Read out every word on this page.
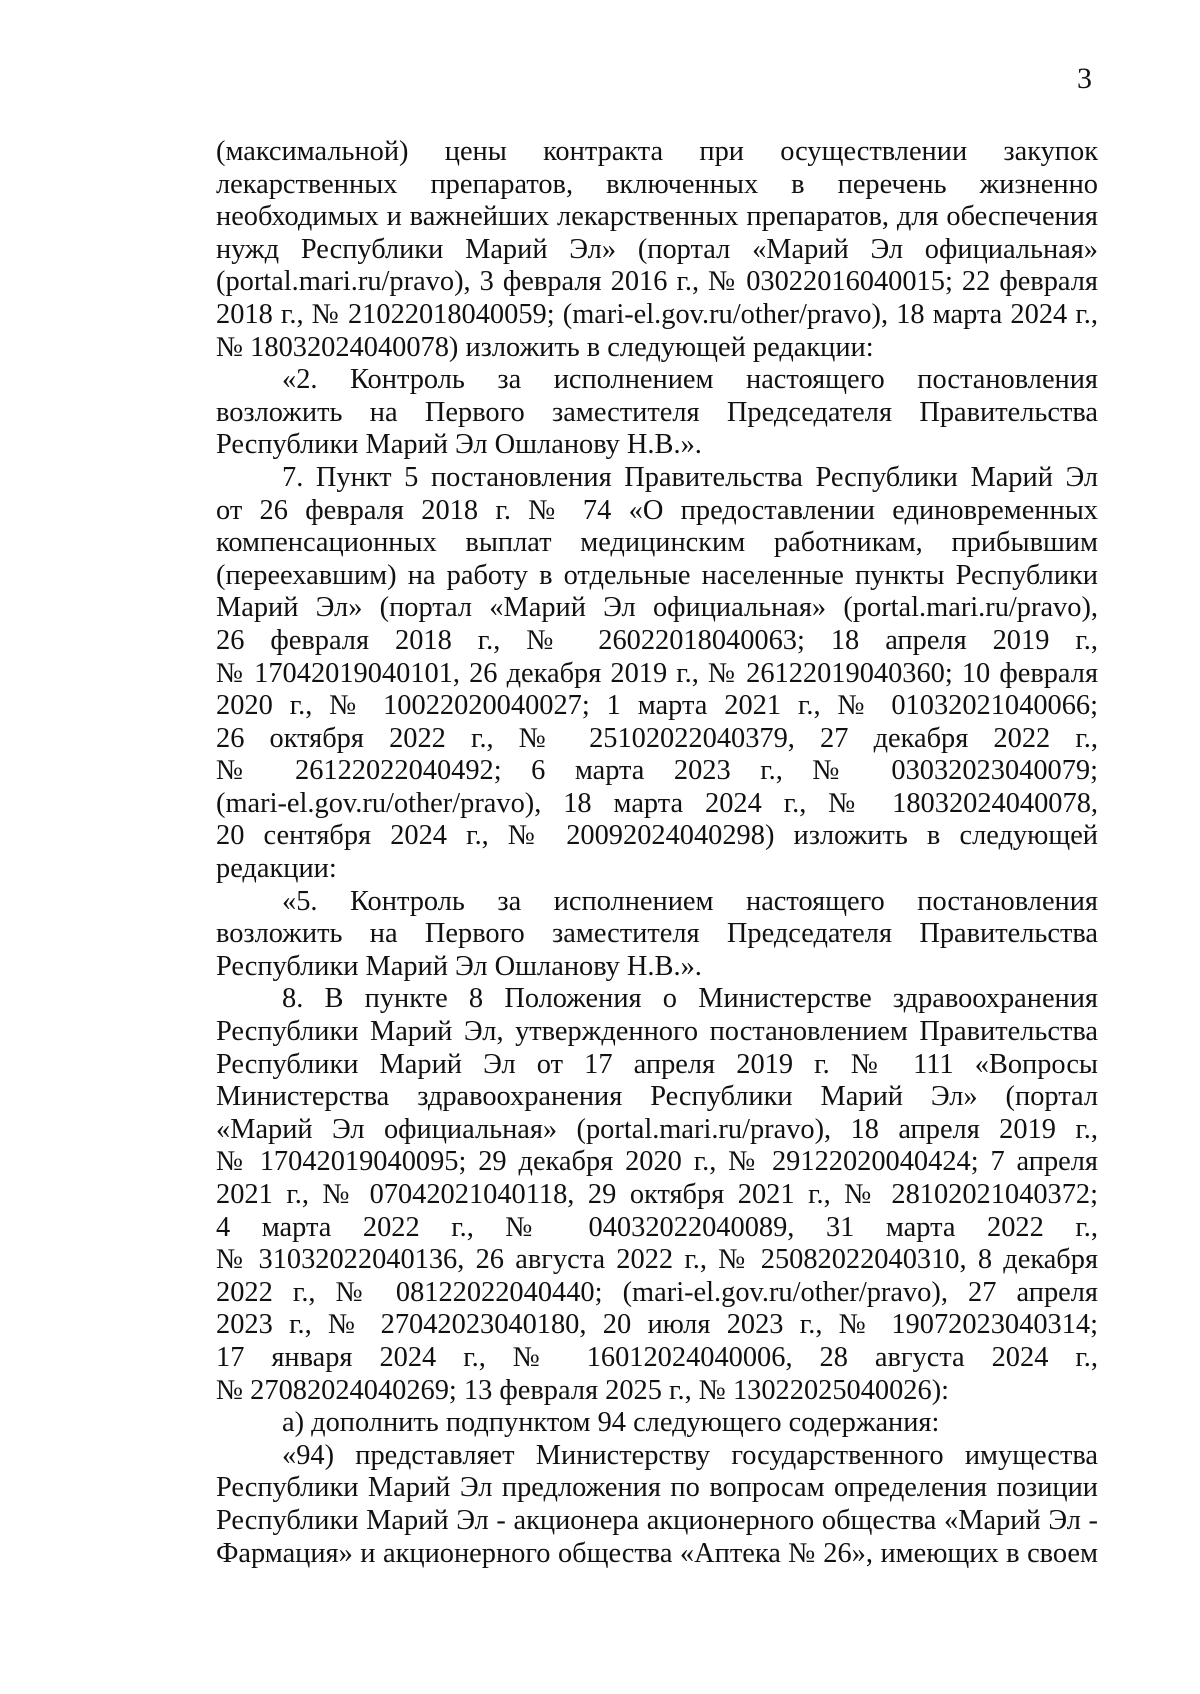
3
(максимальной) цены контракта при осуществлении закупок
лекарственных препаратов, включенных в перечень жизненно
необходимых и важнейших лекарственных препаратов, для обеспечения
нужд Республики Марий Эл» (портал «Марий Эл официальная»
(portal.mari.ru/pravo), 3 февраля 2016 г., № 03022016040015; 22 февраля
2018 г., № 21022018040059; (mari-el.gov.ru/other/pravo), 18 марта 2024 г.,
№ 18032024040078) изложить в следующей редакции:
«2. Контроль за исполнением настоящего постановления
возложить на Первого заместителя Председателя Правительства
Республики Марий Эл Ошланову Н.В.».
7. Пункт 5 постановления Правительства Республики Марий Эл
от 26 февраля 2018 г. № 74 «О предоставлении единовременных
компенсационных выплат медицинским работникам, прибывшим
(переехавшим) на работу в отдельные населенные пункты Республики
Марий Эл» (портал «Марий Эл официальная» (portal.mari.ru/pravo),
26 февраля 2018 г., № 26022018040063; 18 апреля 2019 г.,
№ 17042019040101, 26 декабря 2019 г., № 26122019040360; 10 февраля
2020 г., № 10022020040027; 1 марта 2021 г., № 01032021040066;
26 октября 2022 г., № 25102022040379, 27 декабря 2022 г.,
№ 26122022040492; 6 марта 2023 г., № 03032023040079;
(mari-el.gov.ru/other/pravo), 18 марта 2024 г., № 18032024040078,
20 сентября 2024 г., № 20092024040298) изложить в следующей
редакции:
«5. Контроль за исполнением настоящего постановления
возложить на Первого заместителя Председателя Правительства
Республики Марий Эл Ошланову Н.В.».
8. В пункте 8 Положения о Министерстве здравоохранения
Республики Марий Эл, утвержденного постановлением Правительства
Республики Марий Эл от 17 апреля 2019 г. № 111 «Вопросы
Министерства здравоохранения Республики Марий Эл» (портал
«Марий Эл официальная» (portal.mari.ru/pravo), 18 апреля 2019 г.,
№ 17042019040095; 29 декабря 2020 г., № 29122020040424; 7 апреля
2021 г., № 07042021040118, 29 октября 2021 г., № 28102021040372;
4 марта 2022 г., № 04032022040089, 31 марта 2022 г.,
№ 31032022040136, 26 августа 2022 г., № 25082022040310, 8 декабря
2022 г., № 08122022040440; (mari-el.gov.ru/other/pravo), 27 апреля
2023 г., № 27042023040180, 20 июля 2023 г., № 19072023040314;
17 января 2024 г., № 16012024040006, 28 августа 2024 г.,
№ 27082024040269; 13 февраля 2025 г., № 13022025040026):
а) дополнить подпунктом 94 следующего содержания:
«94) представляет Министерству государственного имущества
Республики Марий Эл предложения по вопросам определения позиции
Республики Марий Эл - акционера акционерного общества «Марий Эл -
Фармация» и акционерного общества «Аптека № 26», имеющих в своем
